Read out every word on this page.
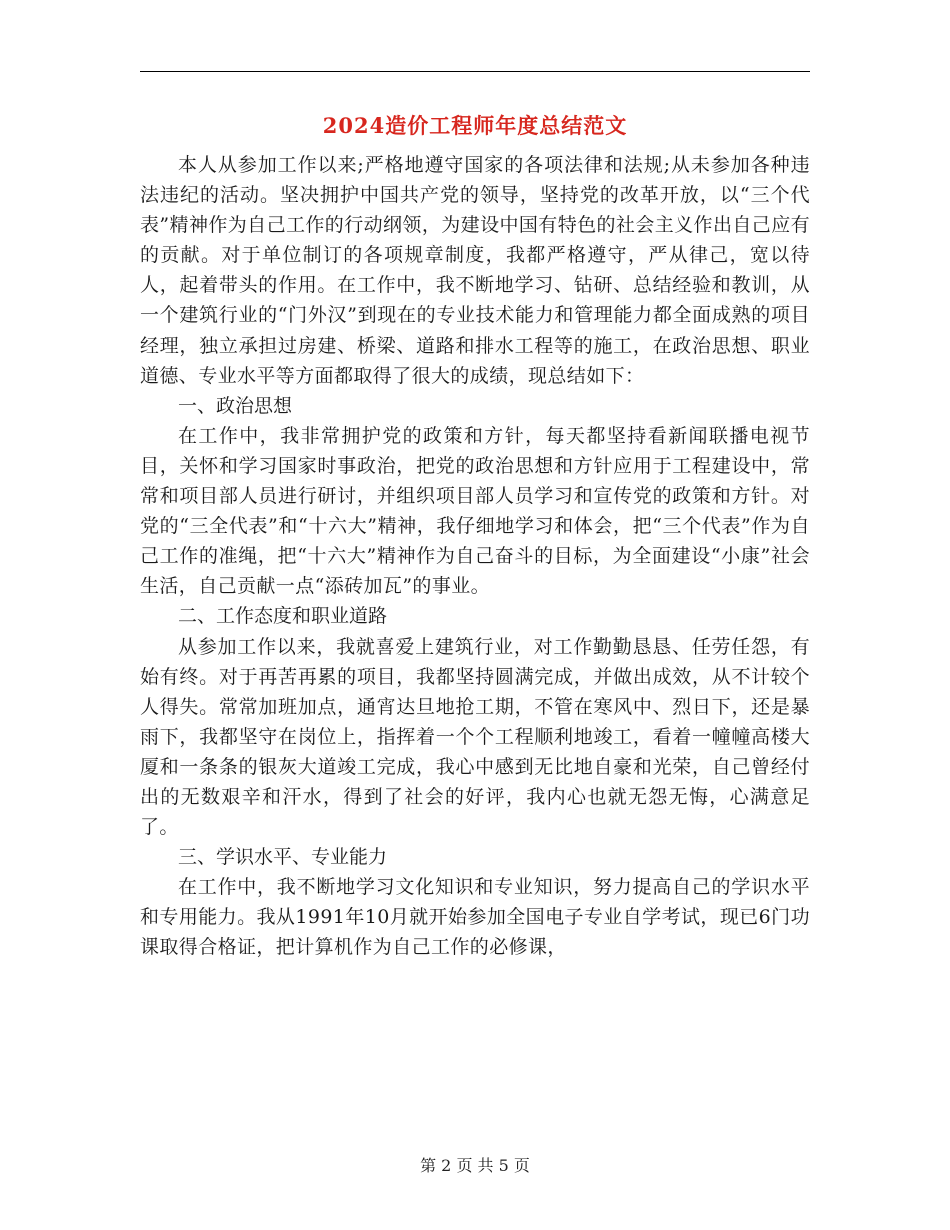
2024造价工程师年度总结范文

本人从参加工作以来;严格地遵守国家的各项法律和法规;从未参加各种违法违纪的活动。坚决拥护中国共产党的领导，坚持党的改革开放，以“三个代表”精神作为自己工作的行动纲领，为建设中国有特色的社会主义作出自己应有的贡献。对于单位制订的各项规章制度，我都严格遵守，严从律己，宽以待人，起着带头的作用。在工作中，我不断地学习、钻研、总结经验和教训，从一个建筑行业的“门外汉”到现在的专业技术能力和管理能力都全面成熟的项目经理，独立承担过房建、桥梁、道路和排水工程等的施工，在政治思想、职业道德、专业水平等方面都取得了很大的成绩，现总结如下：

一、政治思想

在工作中，我非常拥护党的政策和方针，每天都坚持看新闻联播电视节目，关怀和学习国家时事政治，把党的政治思想和方针应用于工程建设中，常常和项目部人员进行研讨，并组织项目部人员学习和宣传党的政策和方针。对党的“三全代表”和“十六大”精神，我仔细地学习和体会，把“三个代表”作为自己工作的准绳，把“十六大”精神作为自己奋斗的目标，为全面建设“小康”社会生活，自己贡献一点“添砖加瓦”的事业。

二、工作态度和职业道路

从参加工作以来，我就喜爱上建筑行业，对工作勤勤恳恳、任劳任怨，有始有终。对于再苦再累的项目，我都坚持圆满完成，并做出成效，从不计较个人得失。常常加班加点，通宵达旦地抢工期，不管在寒风中、烈日下，还是暴雨下，我都坚守在岗位上，指挥着一个个工程顺利地竣工，看着一幢幢高楼大厦和一条条的银灰大道竣工完成，我心中感到无比地自豪和光荣，自己曾经付出的无数艰辛和汗水，得到了社会的好评，我内心也就无怨无悔，心满意足了。

三、学识水平、专业能力

在工作中，我不断地学习文化知识和专业知识，努力提高自己的学识水平和专用能力。我从1991年10月就开始参加全国电子专业自学考试，现已6门功课取得合格证，把计算机作为自己工作的必修课，

第 2 页 共 5 页
